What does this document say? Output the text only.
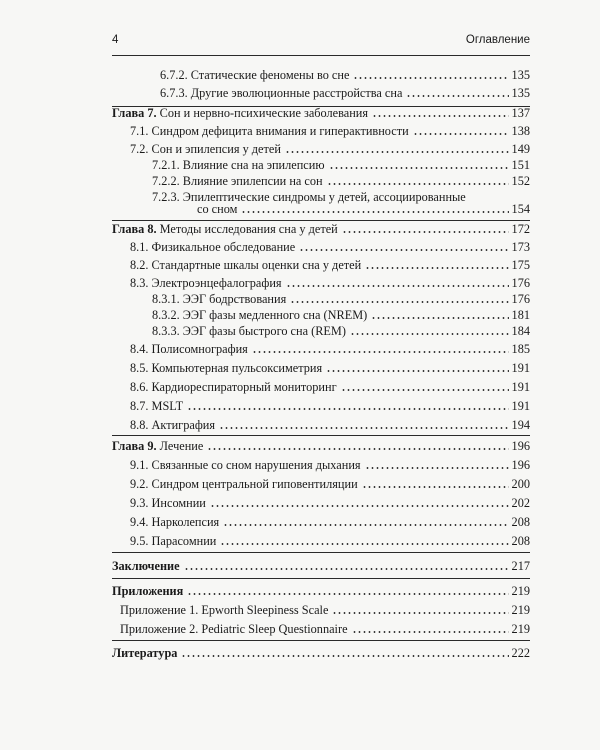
4	Оглавление
6.7.2. Статические феномены во сне	135
6.7.3. Другие эволюционные расстройства сна	135
Глава 7. Сон и нервно-психические заболевания	137
7.1. Синдром дефицита внимания и гиперактивности	138
7.2. Сон и эпилепсия у детей	149
7.2.1. Влияние сна на эпилепсию	151
7.2.2. Влияние эпилепсии на сон	152
7.2.3. Эпилептические синдромы у детей, ассоциированные
со сном	154
Глава 8. Методы исследования сна у детей	172
8.1. Физикальное обследование	173
8.2. Стандартные шкалы оценки сна у детей	175
8.3. Электроэнцефалография	176
8.3.1. ЭЭГ бодрствования	176
8.3.2. ЭЭГ фазы медленного сна (NREM)	181
8.3.3. ЭЭГ фазы быстрого сна (REM)	184
8.4. Полисомнография	185
8.5. Компьютерная пульсоксиметрия	191
8.6. Кардиореспираторный мониторинг	191
8.7. MSLT	191
8.8. Актиграфия	194
Глава 9. Лечение	196
9.1. Связанные со сном нарушения дыхания	196
9.2. Синдром центральной гиповентиляции	200
9.3. Инсомнии	202
9.4. Нарколепсия	208
9.5. Парасомнии	208
Заключение	217
Приложения	219
Приложение 1. Epworth Sleepiness Scale	219
Приложение 2. Pediatric Sleep Questionnaire	219
Литература	222
